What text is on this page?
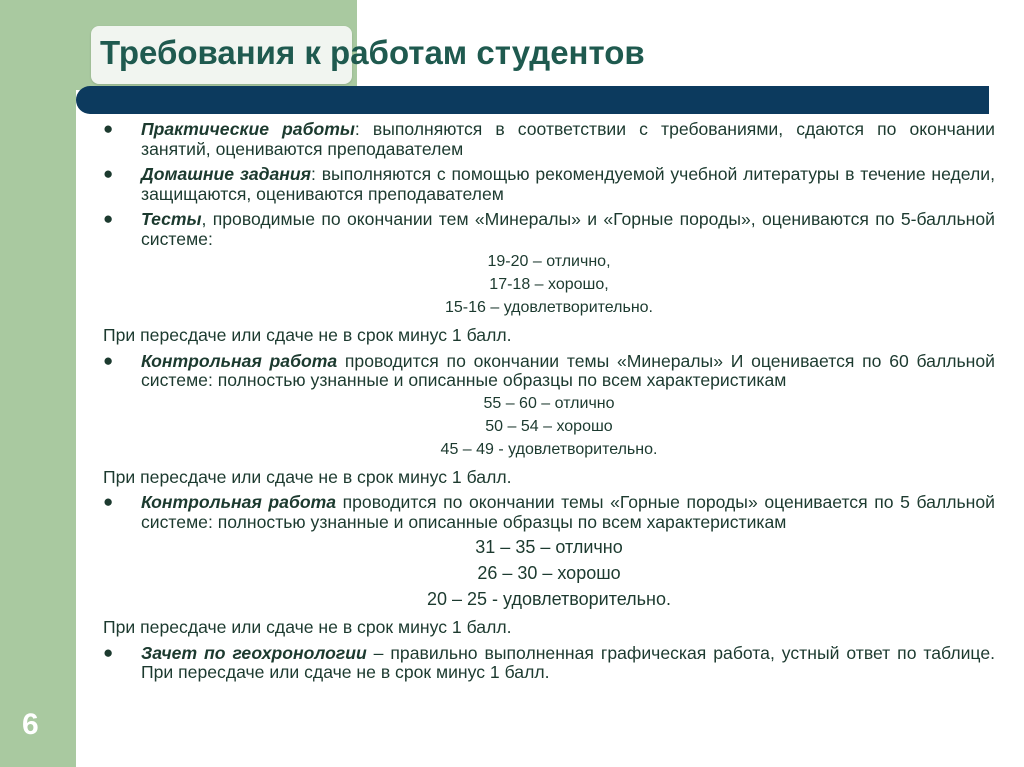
Требования к работам студентов
6

● Практические работы: выполняются в соответствии с требованиями, сдаются по окончании занятий, оцениваются преподавателем

● Домашние задания: выполняются с помощью рекомендуемой учебной литературы в течение недели, защищаются, оцениваются преподавателем

● Тесты, проводимые по окончании тем «Минералы» и «Горные породы», оцениваются по 5-балльной системе:

19-20 – отлично,
17-18 – хорошо,
15-16 – удовлетворительно.
При пересдаче или сдаче не в срок минус 1 балл.

● Контрольная работа проводится по окончании темы «Минералы» И оценивается по 60 балльной системе: полностью узнанные и описанные образцы по всем характеристикам

55 – 60 – отлично
50 – 54 – хорошо
45 – 49 - удовлетворительно.
При пересдаче или сдаче не в срок минус 1 балл.

● Контрольная работа проводится по окончании темы «Горные породы» оценивается по 5 балльной системе: полностью узнанные и описанные образцы по всем характеристикам

31 – 35 – отлично
26 – 30 – хорошо
20 – 25 - удовлетворительно.
При пересдаче или сдаче не в срок минус 1 балл.

● Зачет по геохронологии – правильно выполненная графическая работа, устный ответ по таблице. При пересдаче или сдаче не в срок минус 1 балл.
